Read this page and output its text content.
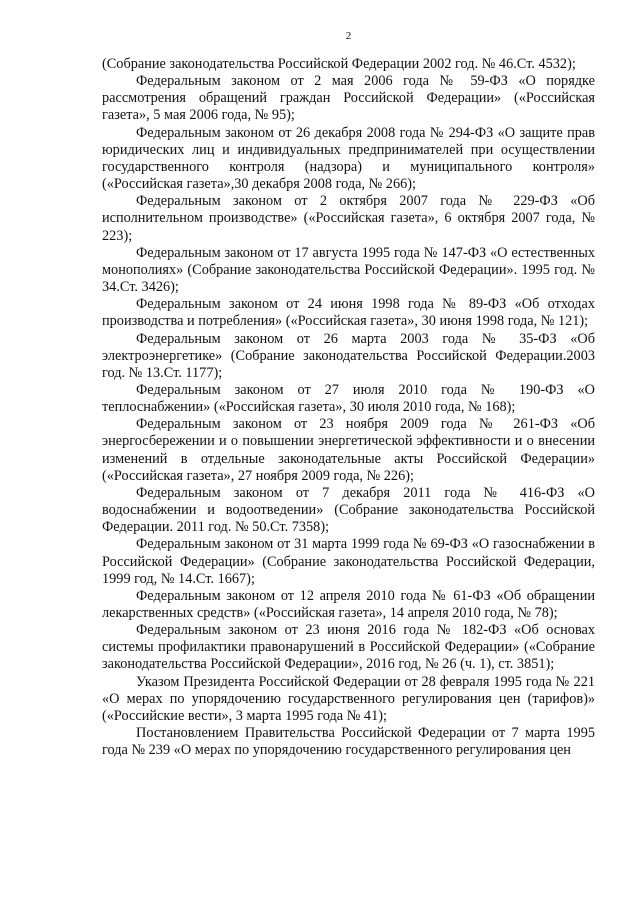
2

(Собрание законодательства Российской Федерации 2002 год. № 46.Ст. 4532);

Федеральным законом от 2 мая 2006 года № 59-ФЗ «О порядке рассмотрения обращений граждан Российской Федерации» («Российская газета», 5 мая 2006 года, № 95);

Федеральным законом от 26 декабря 2008 года № 294-ФЗ «О защите прав юридических лиц и индивидуальных предпринимателей при осуществлении государственного контроля (надзора) и муниципального контроля» («Российская газета»,30 декабря 2008 года, № 266);

Федеральным законом от 2 октября 2007 года № 229-ФЗ «Об исполнительном производстве» («Российская газета», 6 октября 2007 года, № 223);

Федеральным законом от 17 августа 1995 года № 147-ФЗ «О естественных монополиях» (Собрание законодательства Российской Федерации». 1995 год. № 34.Ст. 3426);

Федеральным законом от 24 июня 1998 года № 89-ФЗ «Об отходах производства и потребления» («Российская газета», 30 июня 1998 года, № 121);

Федеральным законом от 26 марта 2003 года № 35-ФЗ «Об электроэнергетике» (Собрание законодательства Российской Федерации.2003 год. № 13.Ст. 1177);

Федеральным законом от 27 июля 2010 года № 190-ФЗ «О теплоснабжении» («Российская газета», 30 июля 2010 года, № 168);

Федеральным законом от 23 ноября 2009 года № 261-ФЗ «Об энергосбережении и о повышении энергетической эффективности и о внесении изменений в отдельные законодательные акты Российской Федерации» («Российская газета», 27 ноября 2009 года, № 226);

Федеральным законом от 7 декабря 2011 года № 416-ФЗ «О водоснабжении и водоотведении» (Собрание законодательства Российской Федерации. 2011 год. № 50.Ст. 7358);

Федеральным законом от 31 марта 1999 года № 69-ФЗ «О газоснабжении в Российской Федерации» (Собрание законодательства Российской Федерации, 1999 год, № 14.Ст. 1667);

Федеральным законом от 12 апреля 2010 года № 61-ФЗ «Об обращении лекарственных средств» («Российская газета», 14 апреля 2010 года, № 78);

Федеральным законом от 23 июня 2016 года № 182-ФЗ «Об основах системы профилактики правонарушений в Российской Федерации» («Собрание законодательства Российской Федерации», 2016 год, № 26 (ч. 1), ст. 3851);

Указом Президента Российской Федерации от 28 февраля 1995 года № 221 «О мерах по упорядочению государственного регулирования цен (тарифов)» («Российские вести», 3 марта 1995 года № 41);

Постановлением Правительства Российской Федерации от 7 марта 1995 года № 239 «О мерах по упорядочению государственного регулирования цен
